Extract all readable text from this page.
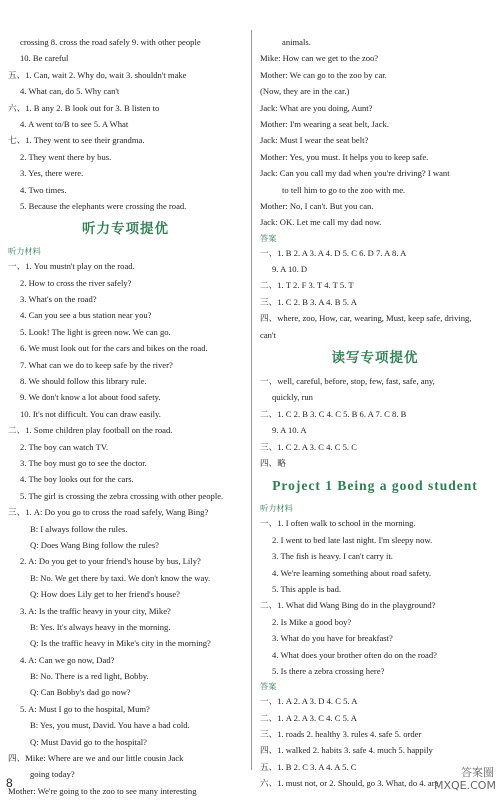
crossing 8. cross the road safely 9. with other people
10. Be careful
五、1. Can, wait 2. Why do, wait 3. shouldn't make
4. What can, do 5. Why can't
六、1. B any 2. B look out for 3. B listen to
4. A went to/B to see 5. A What
七、1. They went to see their grandma.
2. They went there by bus.
3. Yes, there were.
4. Two times.
5. Because the elephants were crossing the road.
听力专项提优
听力材料
一、1. You mustn't play on the road.
2. How to cross the river safely?
3. What's on the road?
4. Can you see a bus station near you?
5. Look! The light is green now. We can go.
6. We must look out for the cars and bikes on the road.
7. What can we do to keep safe by the river?
8. We should follow this library rule.
9. We don't know a lot about food safety.
10. It's not difficult. You can draw easily.
二、1. Some children play football on the road.
2. The boy can watch TV.
3. The boy must go to see the doctor.
4. The boy looks out for the cars.
5. The girl is crossing the zebra crossing with other people.
三、1. A: Do you go to cross the road safely, Wang Bing?
B: I always follow the rules.
Q: Does Wang Bing follow the rules?
2. A: Do you get to your friend's house by bus, Lily?
B: No. We get there by taxi. We don't know the way.
Q: How does Lily get to her friend's house?
3. A: Is the traffic heavy in your city, Mike?
B: Yes. It's always heavy in the morning.
Q: Is the traffic heavy in Mike's city in the morning?
4. A: Can we go now, Dad?
B: No. There is a red light, Bobby.
Q: Can Bobby's dad go now?
5. A: Must I go to the hospital, Mum?
B: Yes, you must, David. You have a bad cold.
Q: Must David go to the hospital?
四、Mike: Where are we and our little cousin Jack
going today?
Mother: We're going to the zoo to see many interesting
animals.
Mike: How can we get to the zoo?
Mother: We can go to the zoo by car.
(Now, they are in the car.)
Jack: What are you doing, Aunt?
Mother: I'm wearing a seat belt, Jack.
Jack: Must I wear the seat belt?
Mother: Yes, you must. It helps you to keep safe.
Jack: Can you call my dad when you're driving? I want
to tell him to go to the zoo with me.
Mother: No, I can't. But you can.
Jack: OK. Let me call my dad now.
答案
一、1. B 2. A 3. A 4. D 5. C 6. D 7. A 8. A
9. A 10. D
二、1. T 2. F 3. T 4. T 5. T
三、1. C 2. B 3. A 4. B 5. A
四、where, zoo, How, car, wearing, Must, keep safe, driving,
can't
读写专项提优
一、well, careful, before, stop, few, fast, safe, any,
quickly, run
二、1. C 2. B 3. C 4. C 5. B 6. A 7. C 8. B
9. A 10. A
三、1. C 2. A 3. C 4. C 5. C
四、略
Project 1 Being a good student
听力材料
一、1. I often walk to school in the morning.
2. I went to bed late last night. I'm sleepy now.
3. The fish is heavy. I can't carry it.
4. We're learning something about road safety.
5. This apple is bad.
二、1. What did Wang Bing do in the playground?
2. Is Mike a good boy?
3. What do you have for breakfast?
4. What does your brother often do on the road?
5. Is there a zebra crossing here?
答案
一、1. A 2. A 3. D 4. C 5. A
二、1. A 2. A 3. C 4. C 5. A
三、1. roads 2. healthy 3. rules 4. safe 5. order
四、1. walked 2. habits 3. safe 4. much 5. happily
五、1. B 2. C 3. A 4. A 5. C
六、1. must not, or 2. Should, go 3. What, do 4. are
8
答案圈
MXQE.COM
